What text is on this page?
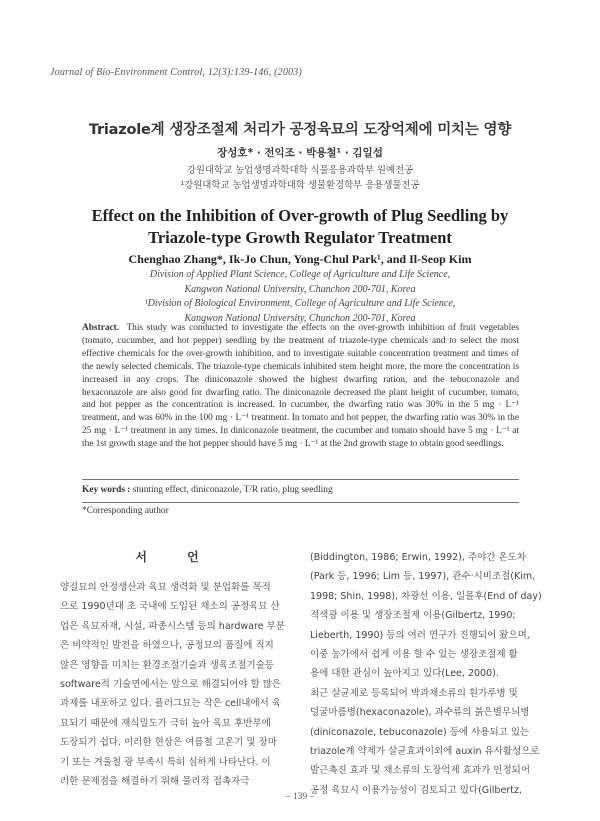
Journal of Bio-Environment Control, 12(3):139-146, (2003)
Triazole계 생장조절제 처리가 공정육묘의 도장억제에 미치는 영향
장성호* · 전익조 · 박용철¹ · 김일섭
강원대학교 농업생명과학대학 식물응용과학부 원예전공
¹강원대학교 농업생명과학대학 생물환경학부 응용생물전공
Effect on the Inhibition of Over-growth of Plug Seedling by
Triazole-type Growth Regulator Treatment
Chenghao Zhang*, Ik-Jo Chun, Yong-Chul Park¹, and Il-Seop Kim
Division of Applied Plant Science, College of Agriculture and Life Science,
Kangwon National University, Chunchon 200-701, Korea
¹Division of Biological Environment, College of Agriculture and Life Science,
Kangwon National University, Chunchon 200-701, Korea
Abstract. This study was conducted to investigate the effects on the over-growth inhibition of fruit vegetables (tomato, cucumber, and hot pepper) seedling by the treatment of triazole-type chemicals and to select the most effective chemicals for the over-growth inhibition, and to investigate suitable concentration treatment and times of the newly selected chemicals. The triazole-type chemicals inhibited stem height more, the more the concentration is increased in any crops. The diniconazole showed the highest dwarfing ration, and the tebuconazole and hexaconazole are also good for dwarfing ratio. The diniconazole decreased the plant height of cucumber, tomato, and hot pepper as the concentration is increased. In cucumber, the dwarfing ratio was 30% in the 5 mg · L⁻¹ treatment, and was 60% in the 100 mg · L⁻¹ treatment. In tomato and hot pepper, the dwarfing ratio was 30% in the 25 mg · L⁻¹ treatment in any times. In diniconazole treatment, the cucumber and tomato should have 5 mg · L⁻¹ at the 1st growth stage and the hot pepper should have 5 mg · L⁻¹ at the 2nd growth stage to obtain good seedlings.
Key words : stunting effect, diniconazole, T/R ratio, plug seedling
*Corresponding author
서 언
양질묘의 안정생산과 육묘 생력화 및 분업화를 목적
으로 1990년대 초 국내에 도입된 채소의 공정육묘 산
업은 육묘자재, 시설, 파종시스템 등의 hardware 부분
은 비약적인 발전을 하였으나, 공정묘의 품질에 직지
않은 영향을 미치는 환경조절기술과 생육조절기술등
software적 기술면에서는 앞으로 해결되어야 할 많은
과제를 내포하고 있다. 플러그묘는 작은 cell내에서 육
묘되기 때문에 재식밀도가 극히 높아 육묘 후반부에
도장되기 쉽다. 이러한 현상은 여름철 고온기 및 장마
기 또는 겨울철 광 부족시 특히 심하게 나타난다. 이
러한 문제점을 해결하기 위해 물리적 접촉자극
(Biddington, 1986; Erwin, 1992), 주야간 온도차
(Park 등, 1996; Lim 등, 1997), 관수·시비조절(Kim,
1998; Shin, 1998), 차광선 이용, 일몰후(End of day)
적색광 이용 및 생장조절제 이용(Gilbertz, 1990;
Lieberth, 1990) 등의 여러 연구가 진행되어 왔으며,
이중 농가에서 쉽게 이용 할 수 있는 생장조절제 활
용에 대한 관심이 높아지고 있다(Lee, 2000).
최근 살균제로 등록되어 박과채소류의 흰가루병 및
덩굴마름병(hexaconazole), 과수류의 붉은별무늬병
(diniconazole, tebuconazole) 등에 사용되고 있는
triazole계 약제가 살균효과이외에 auxin 유사활성으로
발근촉진 효과 및 채소류의 도장억제 효과가 인정되어
공정 육묘시 이용가능성이 검토되고 있다(Gilbertz,
– 139 –
